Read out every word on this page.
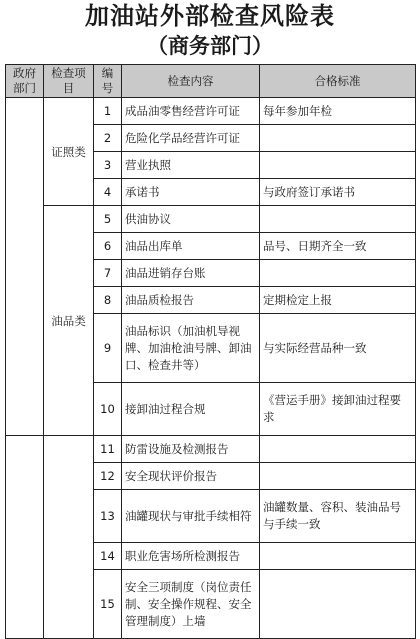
加油站外部检查风险表
（商务部门）
政府部门	检查项目	编号	检查内容	合格标准
	证照类	1	成品油零售经营许可证	每年参加年检
		2	危险化学品经营许可证	
		3	营业执照	
		4	承诺书	与政府签订承诺书
	油品类	5	供油协议	
		6	油品出库单	品号、日期齐全一致
		7	油品进销存台账	
		8	油品质检报告	定期检定上报
		9	油品标识（加油机导视牌、加油枪油号牌、卸油口、检查井等）	与实际经营品种一致
		10	接卸油过程合规	《营运手册》接卸油过程要求
		11	防雷设施及检测报告	
		12	安全现状评价报告	
		13	油罐现状与审批手续相符	油罐数量、容积、装油品号与手续一致
		14	职业危害场所检测报告	
		15	安全三项制度（岗位责任制、安全操作规程、安全管理制度）上墙	
